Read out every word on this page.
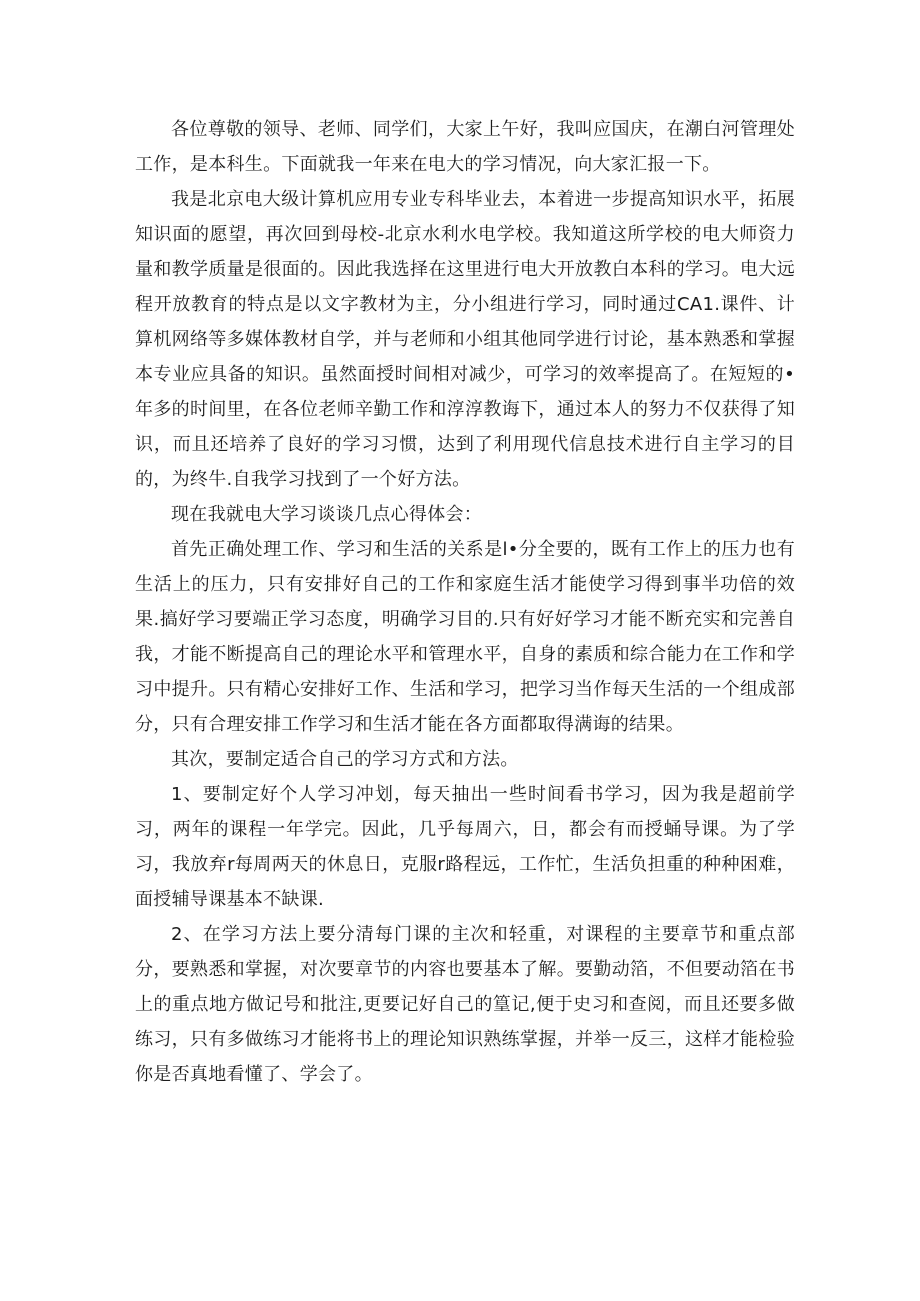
各位尊敬的领导、老师、同学们，大家上午好，我叫应国庆，在潮白河管理处工作，是本科生。下面就我一年来在电大的学习情况，向大家汇报一下。

我是北京电大级计算机应用专业专科毕业去，本着进一步提高知识水平，拓展知识面的愿望，再次回到母校-北京水利水电学校。我知道这所学校的电大师资力量和教学质量是很面的。因此我选择在这里进行电大开放教白本科的学习。电大远程开放教育的特点是以文字教材为主，分小组进行学习，同时通过CA1.课件、计算机网络等多媒体教材自学，并与老师和小组其他同学进行讨论，基本熟悉和掌握本专业应具备的知识。虽然面授时间相对减少，可学习的效率提高了。在短短的•年多的时间里，在各位老师辛勤工作和淳淳教诲下，通过本人的努力不仅获得了知识，而且还培养了良好的学习习惯，达到了利用现代信息技术进行自主学习的目的，为终牛.自我学习找到了一个好方法。

现在我就电大学习谈谈几点心得体会：

首先正确处理工作、学习和生活的关系是l•分全要的，既有工作上的压力也有生活上的压力，只有安排好自己的工作和家庭生活才能使学习得到事半功倍的效果.搞好学习要端正学习态度，明确学习目的.只有好好学习才能不断充实和完善自我，才能不断提高自己的理论水平和管理水平，自身的素质和综合能力在工作和学习中提升。只有精心安排好工作、生活和学习，把学习当作每天生活的一个组成部分，只有合理安排工作学习和生活才能在各方面都取得满诲的结果。

其次，要制定适合自己的学习方式和方法。

1、要制定好个人学习冲划，每天抽出一些时间看书学习，因为我是超前学习，两年的课程一年学完。因此，几乎每周六，日，都会有而授蛹导课。为了学习，我放弃r每周两天的休息日，克服r路程远，工作忙，生活负担重的种种困难，面授辅导课基本不缺课.

2、在学习方法上要分清每门课的主次和轻重，对课程的主要章节和重点部分，要熟悉和掌握，对次要章节的内容也要基本了解。要勤动箔，不但要动箔在书上的重点地方做记号和批注,更要记好自己的篁记,便于史习和查阅，而且还要多做练习，只有多做练习才能将书上的理论知识熟练掌握，并举一反三，这样才能检验你是否真地看懂了、学会了。
